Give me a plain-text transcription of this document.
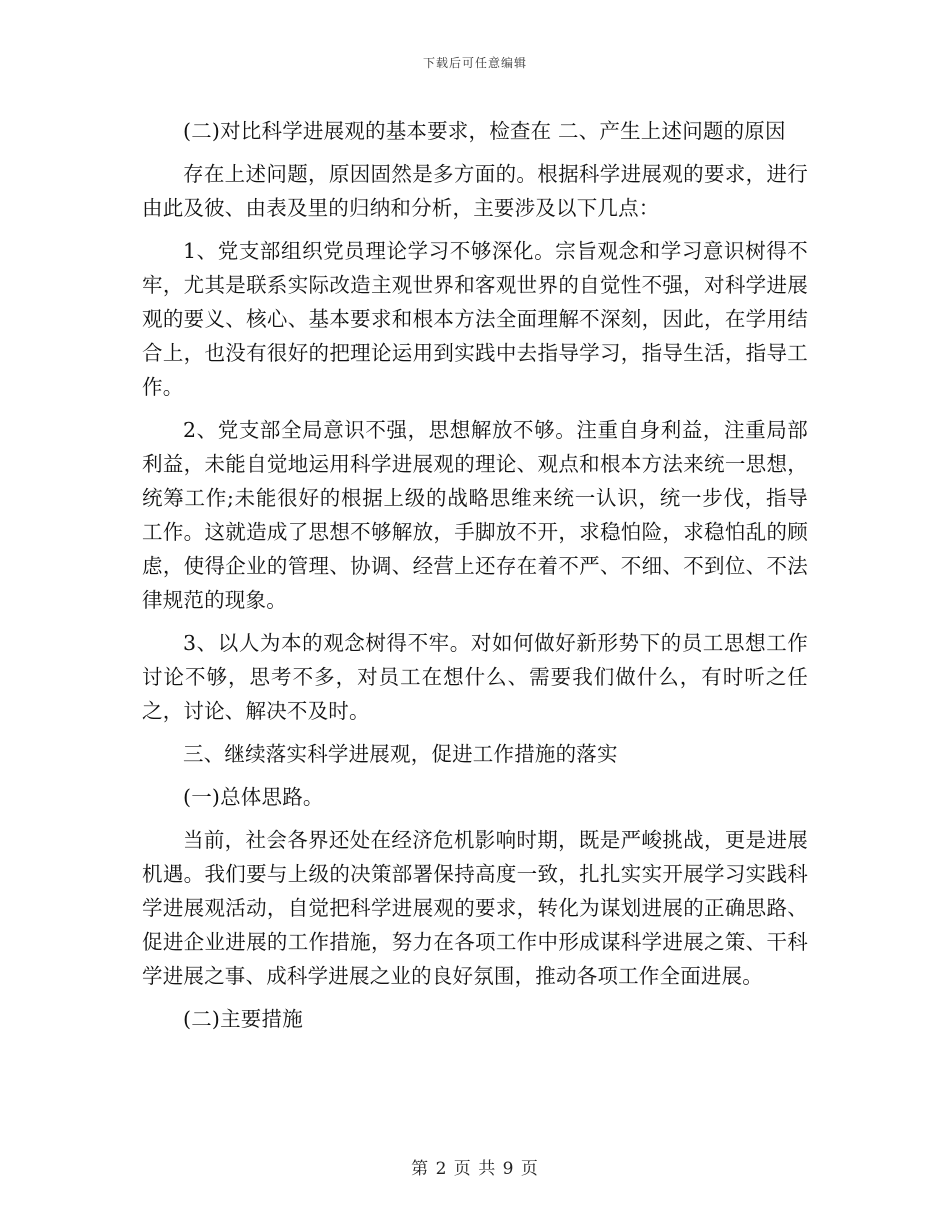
下载后可任意编辑

(二)对比科学进展观的基本要求，检查在 二、产生上述问题的原因

存在上述问题，原因固然是多方面的。根据科学进展观的要求，进行由此及彼、由表及里的归纳和分析，主要涉及以下几点：

1、党支部组织党员理论学习不够深化。宗旨观念和学习意识树得不牢，尤其是联系实际改造主观世界和客观世界的自觉性不强，对科学进展观的要义、核心、基本要求和根本方法全面理解不深刻，因此，在学用结合上，也没有很好的把理论运用到实践中去指导学习，指导生活，指导工作。

2、党支部全局意识不强，思想解放不够。注重自身利益，注重局部利益，未能自觉地运用科学进展观的理论、观点和根本方法来统一思想，统筹工作;未能很好的根据上级的战略思维来统一认识，统一步伐，指导工作。这就造成了思想不够解放，手脚放不开，求稳怕险，求稳怕乱的顾虑，使得企业的管理、协调、经营上还存在着不严、不细、不到位、不法律规范的现象。

3、以人为本的观念树得不牢。对如何做好新形势下的员工思想工作讨论不够，思考不多，对员工在想什么、需要我们做什么，有时听之任之，讨论、解决不及时。

三、继续落实科学进展观，促进工作措施的落实

(一)总体思路。

当前，社会各界还处在经济危机影响时期，既是严峻挑战，更是进展机遇。我们要与上级的决策部署保持高度一致，扎扎实实开展学习实践科学进展观活动，自觉把科学进展观的要求，转化为谋划进展的正确思路、促进企业进展的工作措施，努力在各项工作中形成谋科学进展之策、干科学进展之事、成科学进展之业的良好氛围，推动各项工作全面进展。

(二)主要措施

第 2 页 共 9 页
